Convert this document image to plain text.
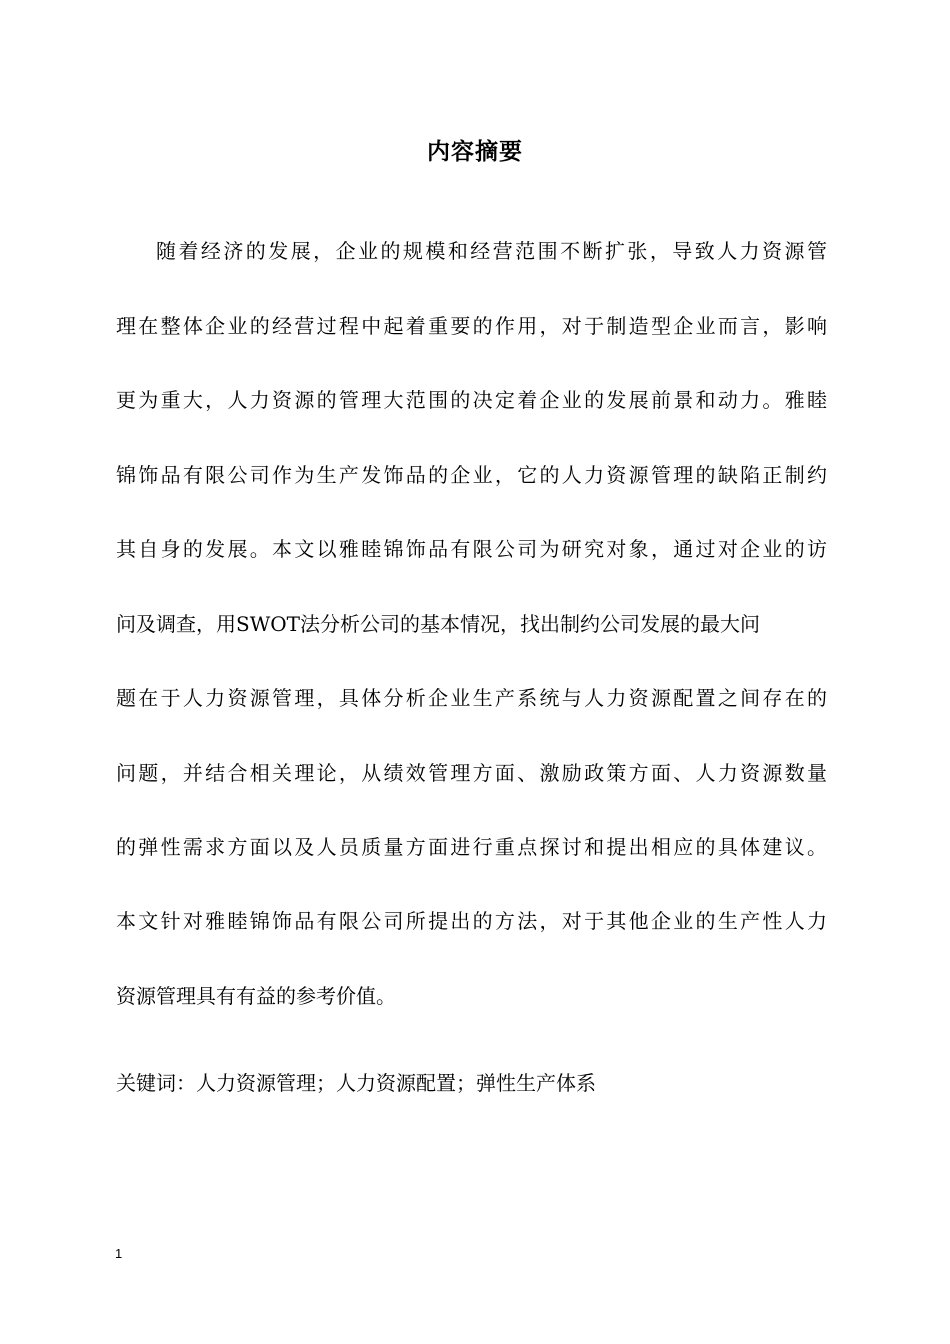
内容摘要
随着经济的发展，企业的规模和经营范围不断扩张，导致人力资源管
理在整体企业的经营过程中起着重要的作用，对于制造型企业而言，影响
更为重大，人力资源的管理大范围的决定着企业的发展前景和动力。雅睦
锦饰品有限公司作为生产发饰品的企业，它的人力资源管理的缺陷正制约
其自身的发展。本文以雅睦锦饰品有限公司为研究对象，通过对企业的访
问及调查，用SWOT法分析公司的基本情况，找出制约公司发展的最大问
题在于人力资源管理，具体分析企业生产系统与人力资源配置之间存在的
问题，并结合相关理论，从绩效管理方面、激励政策方面、人力资源数量
的弹性需求方面以及人员质量方面进行重点探讨和提出相应的具体建议。
本文针对雅睦锦饰品有限公司所提出的方法，对于其他企业的生产性人力
资源管理具有有益的参考价值。
关键词：人力资源管理；人力资源配置；弹性生产体系
1
